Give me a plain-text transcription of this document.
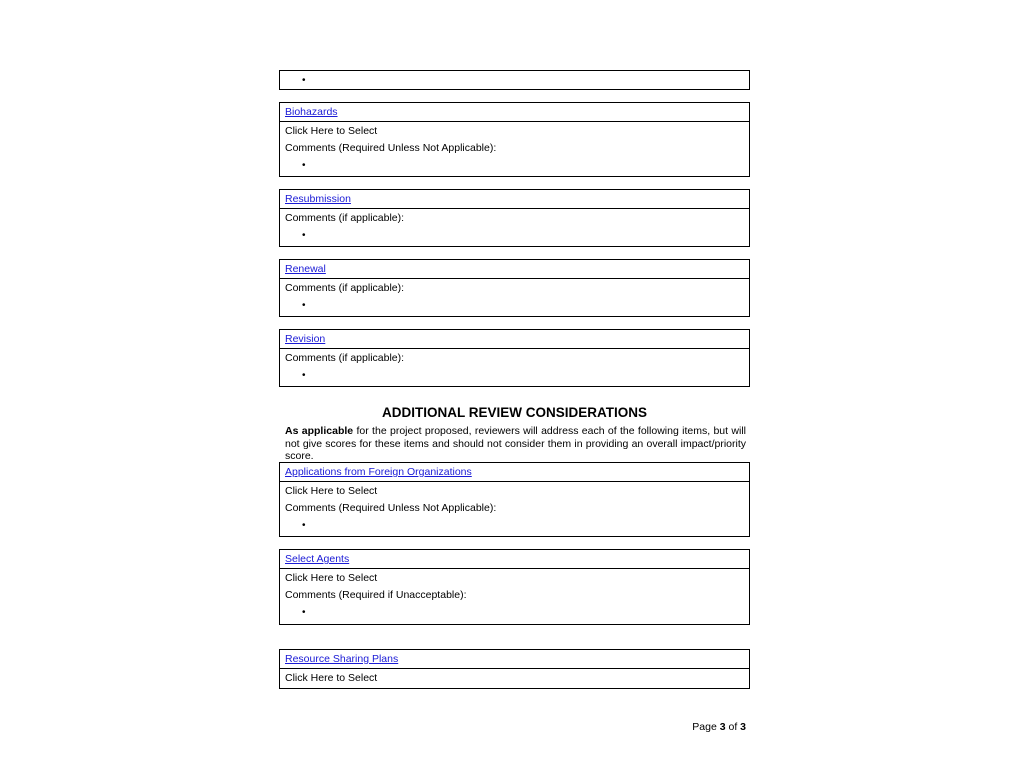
•
Biohazards
Click Here to Select
Comments (Required Unless Not Applicable):
•
Resubmission
Comments (if applicable):
•
Renewal
Comments (if applicable):
•
Revision
Comments (if applicable):
•
ADDITIONAL REVIEW CONSIDERATIONS
As applicable for the project proposed, reviewers will address each of the following items, but will not give scores for these items and should not consider them in providing an overall impact/priority score.
Applications from Foreign Organizations
Click Here to Select
Comments (Required Unless Not Applicable):
•
Select Agents
Click Here to Select
Comments (Required if Unacceptable):
•
Resource Sharing Plans
Click Here to Select
Page 3 of 3
